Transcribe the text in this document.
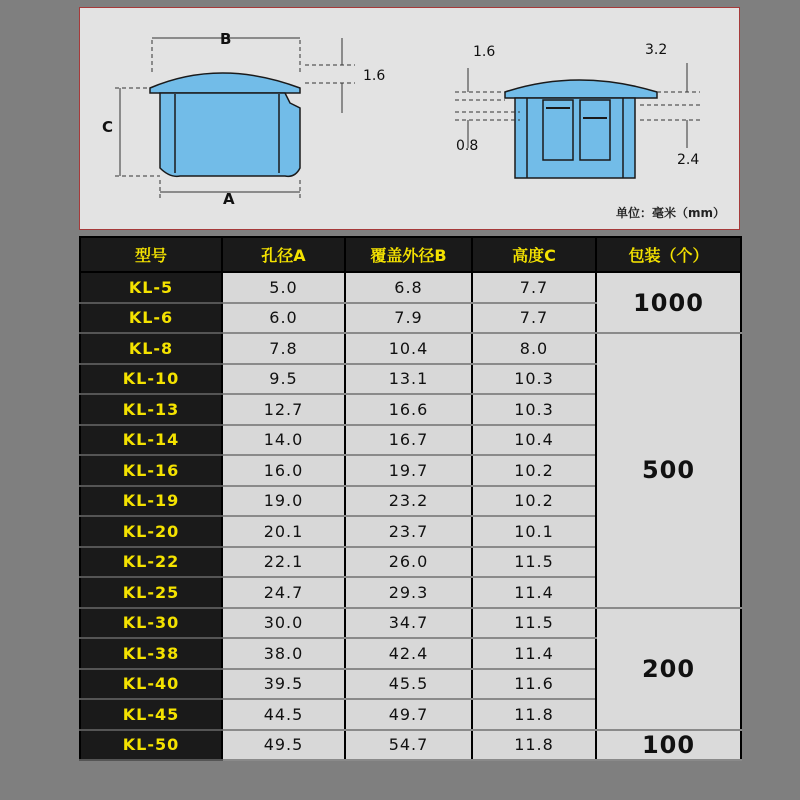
B
C
A
1.6
1.6	3.2
0.8
2.4
单位：毫米（mm）
型号	孔径A	覆盖外径B	高度C	包装（个）
KL-5	5.0	6.8	7.7	1000
KL-6	6.0	7.9	7.7	
KL-8	7.8	10.4	8.0	500
KL-10	9.5	13.1	10.3	
KL-13	12.7	16.6	10.3	
KL-14	14.0	16.7	10.4	
KL-16	16.0	19.7	10.2	
KL-19	19.0	23.2	10.2	
KL-20	20.1	23.7	10.1	
KL-22	22.1	26.0	11.5	
KL-25	24.7	29.3	11.4	
KL-30	30.0	34.7	11.5	200
KL-38	38.0	42.4	11.4	
KL-40	39.5	45.5	11.6	
KL-45	44.5	49.7	11.8	
KL-50	49.5	54.7	11.8	100
